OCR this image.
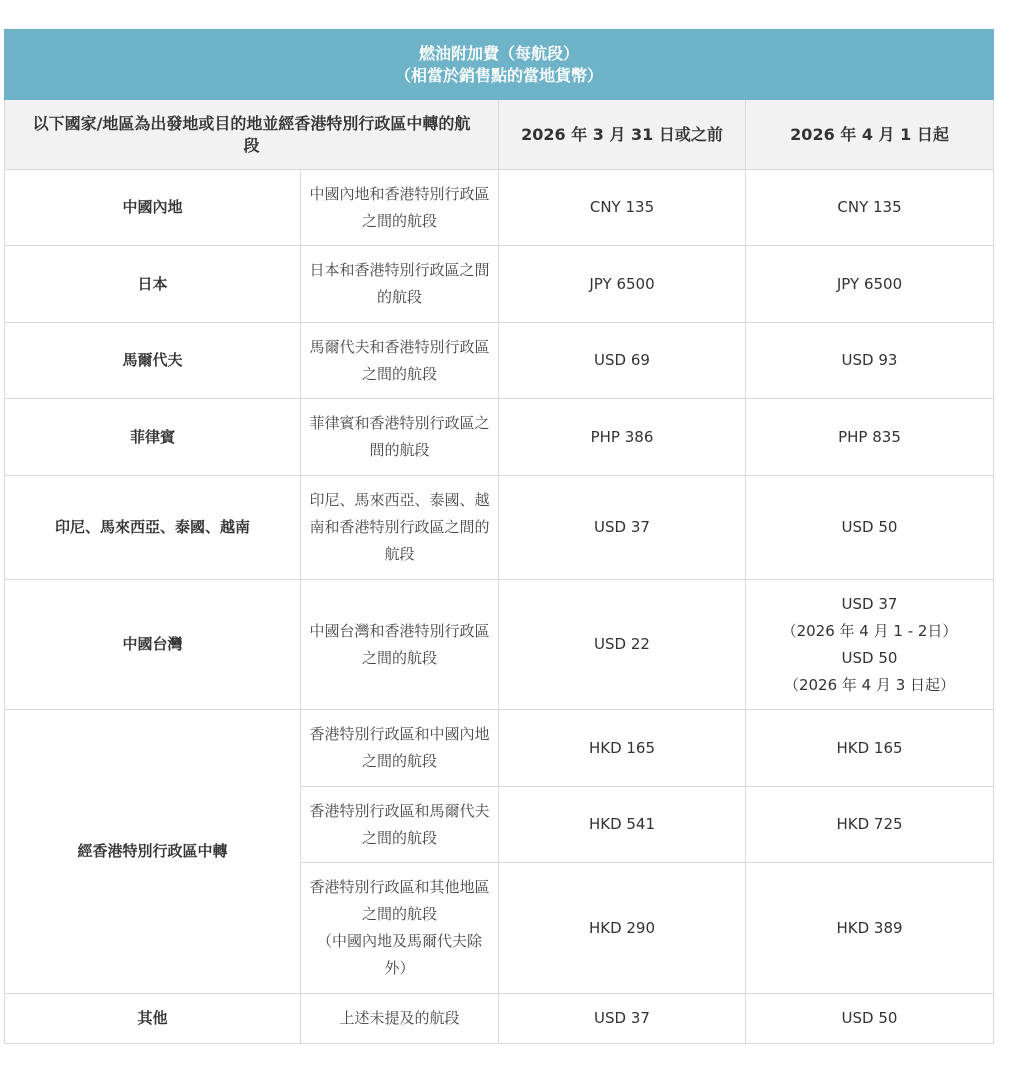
燃油附加費（每航段）
（相當於銷售點的當地貨幣）			

以下國家/地區為出發地或目的地並經香港特別行政區中轉的航段		2026 年 3 月 31 日或之前	2026 年 4 月 1 日起
中國內地	中國內地和香港特別行政區之間的航段	CNY 135	CNY 135
日本	日本和香港特別行政區之間的航段	JPY 6500	JPY 6500
馬爾代夫	馬爾代夫和香港特別行政區之間的航段	USD 69	USD 93
菲律賓	菲律賓和香港特別行政區之間的航段	PHP 386	PHP 835
印尼、馬來西亞、泰國、越南	印尼、馬來西亞、泰國、越南和香港特別行政區之間的航段	USD 37	USD 50
中國台灣	中國台灣和香港特別行政區之間的航段	USD 22	USD 37
（2026 年 4 月 1 - 2日）
USD 50
（2026 年 4 月 3 日起）

經香港特別行政區中轉	香港特別行政區和中國內地之間的航段	HKD 165	HKD 165
	香港特別行政區和馬爾代夫之間的航段	HKD 541	HKD 725

	香港特別行政區和其他地區之間的航段
（中國內地及馬爾代夫除外）	HKD 290	HKD 389
其他	上述未提及的航段	USD 37	USD 50
